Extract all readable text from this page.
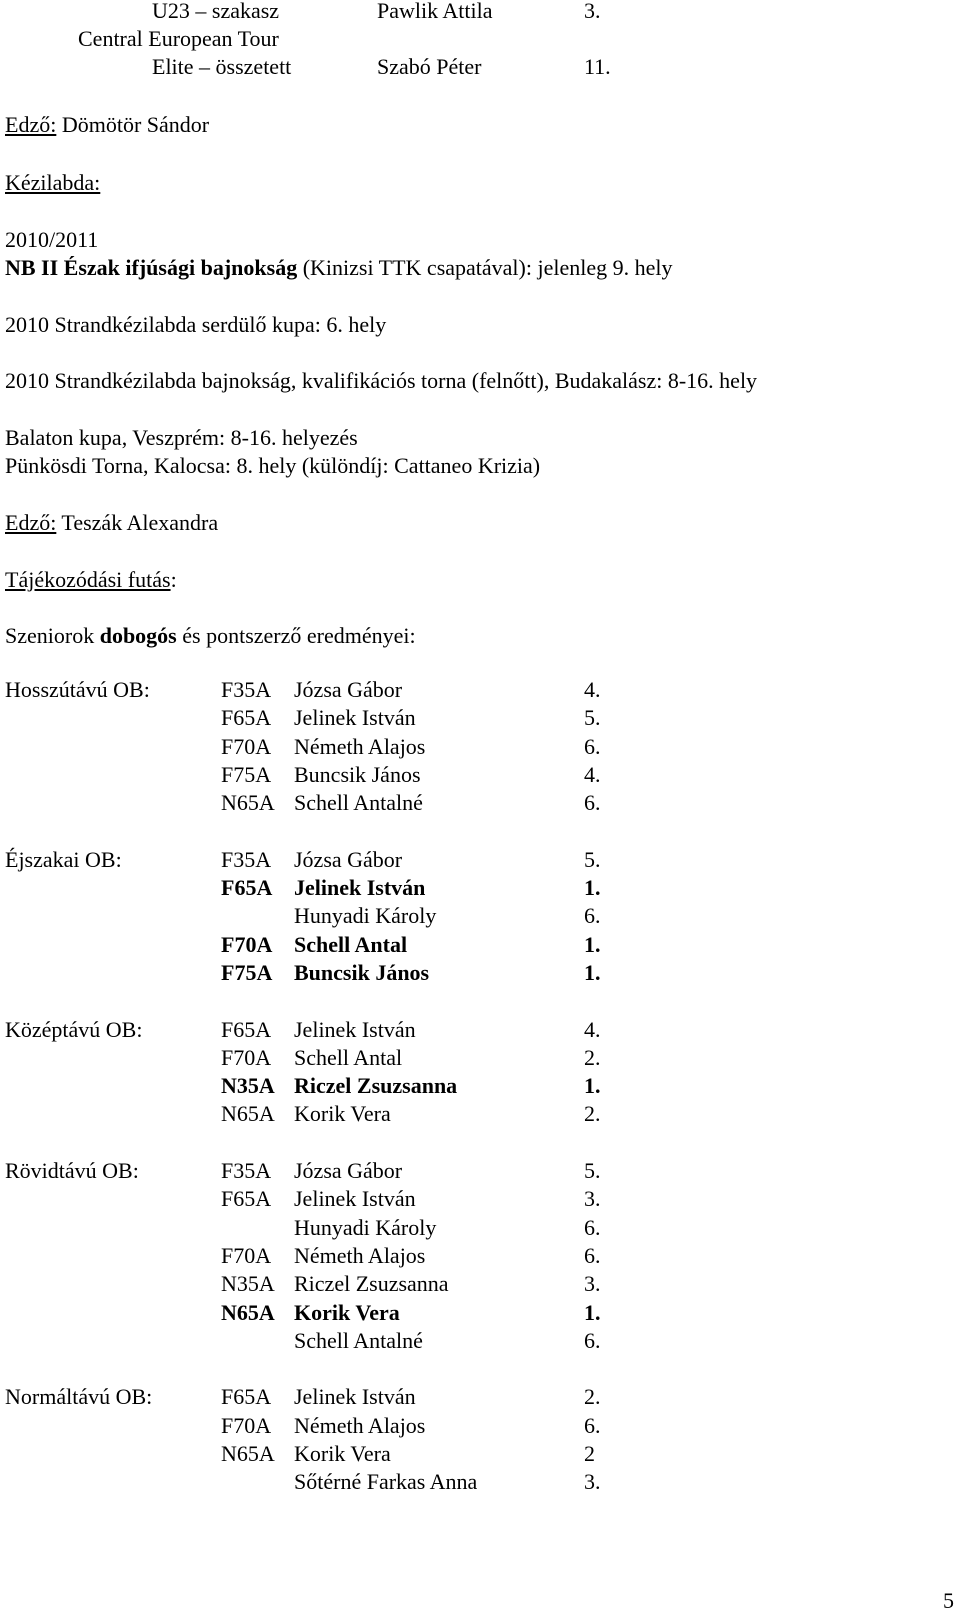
U23 – szakasz	Pawlik Attila	3.
Central European Tour
Elite – összetett	Szabó Péter	11.
Edző: Dömötör Sándor
Kézilabda:
2010/2011
NB II Észak ifjúsági bajnokság (Kinizsi TTK csapatával): jelenleg 9. hely
2010 Strandkézilabda serdülő kupa: 6. hely
2010 Strandkézilabda bajnokság, kvalifikációs torna (felnőtt), Budakalász: 8-16. hely
Balaton kupa, Veszprém: 8-16. helyezés
Pünkösdi Torna, Kalocsa: 8. hely (különdíj: Cattaneo Krizia)
Edző: Teszák Alexandra
Tájékozódási futás:
Szeniorok dobogós és pontszerző eredményei:
Hosszútávú OB:	F35A Józsa Gábor	4.
F65A Jelinek István	5.
F70A Németh Alajos	6.
F75A Buncsik János	4.
N65A Schell Antalné	6.
Éjszakai OB:	F35A Józsa Gábor	5.
F65A Jelinek István	1.
Hunyadi Károly	6.
F70A Schell Antal	1.
F75A Buncsik János	1.
Középtávú OB:	F65A Jelinek István	4.
F70A Schell Antal	2.
N35A Riczel Zsuzsanna	1.
N65A Korik Vera	2.
Rövidtávú OB:	F35A Józsa Gábor	5.
F65A Jelinek István	3.
Hunyadi Károly	6.
F70A Németh Alajos	6.
N35A Riczel Zsuzsanna	3.
N65A Korik Vera	1.
Schell Antalné	6.
Normáltávú OB:	F65A Jelinek István	2.
F70A Németh Alajos	6.
N65A Korik Vera	2
Sőtérné Farkas Anna	3.
5
